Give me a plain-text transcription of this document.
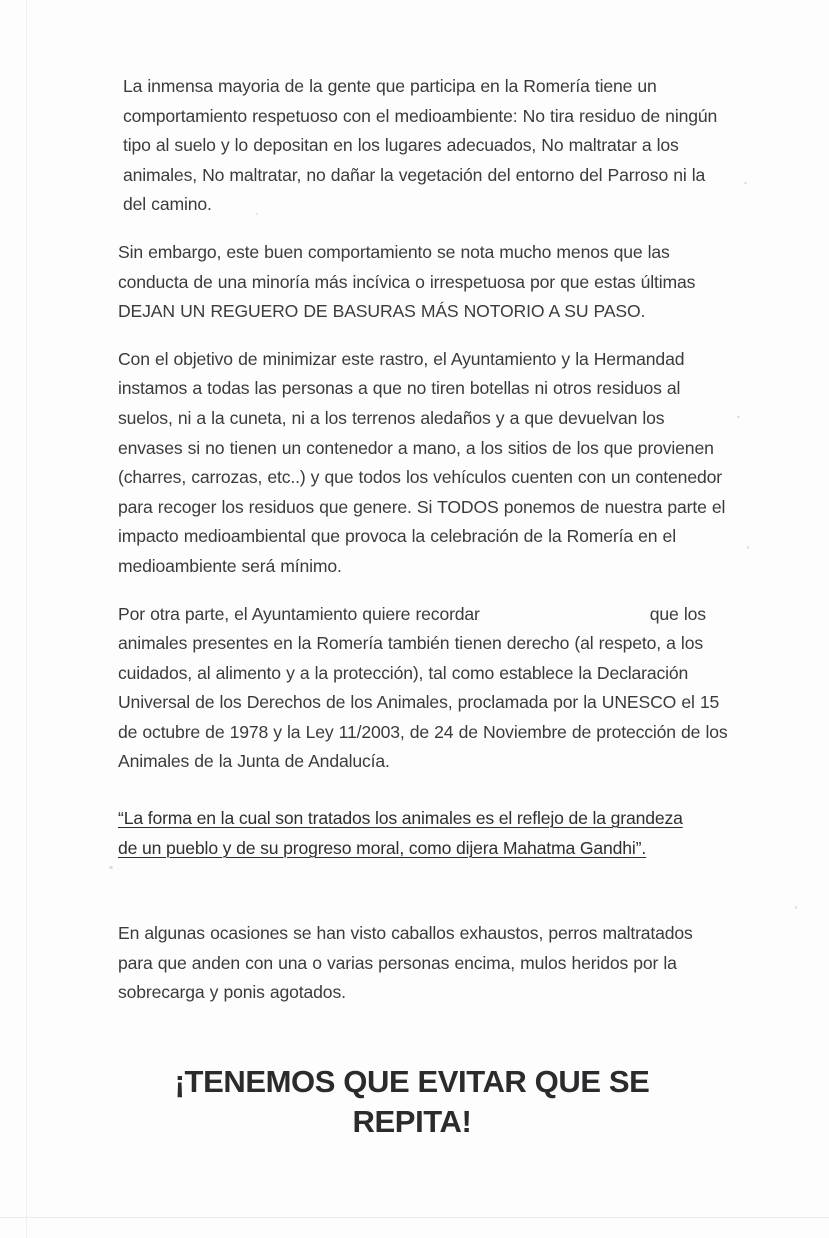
La inmensa mayoria de la gente que participa en la Romería tiene un comportamiento respetuoso con el medioambiente: No tira residuo de ningún tipo al suelo y lo depositan en los lugares adecuados, No maltratar a los animales, No maltratar, no dañar la vegetación del entorno del Parroso ni la del camino.

Sin embargo, este buen comportamiento se nota mucho menos que las conducta de una minoría más incívica o irrespetuosa por que estas últimas DEJAN UN REGUERO DE BASURAS MÁS NOTORIO A SU PASO.

Con el objetivo de minimizar este rastro, el Ayuntamiento y la Hermandad instamos a todas las personas a que no tiren botellas ni otros residuos al suelos, ni a la cuneta, ni a los terrenos aledaños y a que devuelvan los envases si no tienen un contenedor a mano, a los sitios de los que provienen (charres, carrozas, etc..) y que todos los vehículos cuenten con un contenedor para recoger los residuos que genere. Si TODOS ponemos de nuestra parte el impacto medioambiental que provoca la celebración de la Romería en el medioambiente será mínimo.

Por otra parte, el Ayuntamiento quiere recordar	que los animales presentes en la Romería también tienen derecho (al respeto, a los cuidados, al alimento y a la protección), tal como establece la Declaración Universal de los Derechos de los Animales, proclamada por la UNESCO el 15 de octubre de 1978 y la Ley 11/2003, de 24 de Noviembre de protección de los Animales de la Junta de Andalucía.

“La forma en la cual son tratados los animales es el reflejo de la grandeza
de un pueblo y de su progreso moral, como dijera Mahatma Gandhi”.

En algunas ocasiones se han visto caballos exhaustos, perros maltratados para que anden con una o varias personas encima, mulos heridos por la sobrecarga y ponis agotados.

¡TENEMOS QUE EVITAR QUE SE REPITA!
